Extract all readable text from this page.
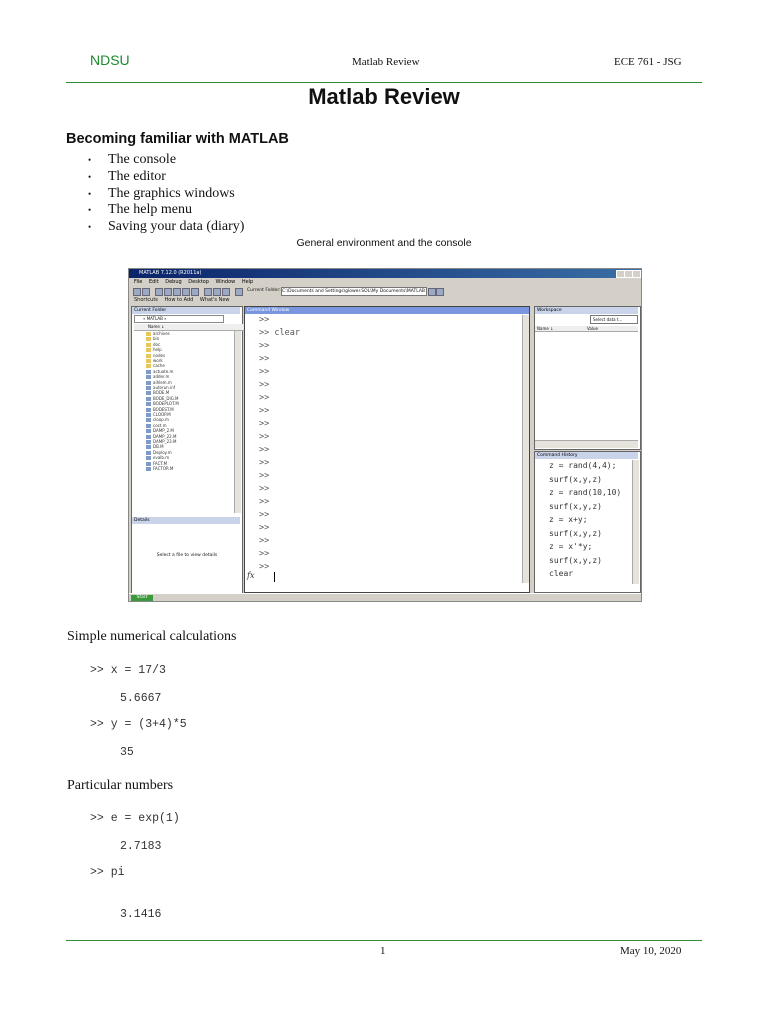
NDSU	Matlab Review	ECE 761 - JSG
Matlab Review
Becoming familiar with MATLAB
• The console
• The editor
• The graphics windows
• The help menu
• Saving your data (diary)
General environment and the console
MATLAB 7.12.0 (R2011a)
File Edit Debug Desktop Window Help
Current Folder: C:\Documents and Settings\glower.SOL\My Documents\MATLAB
Shortcuts How to Add What's New
Current Folder
« MATLAB »
Name ↓
archives
bin
doc
help
nodes
work
cache
actuate.m
adder.m
aihlem.m
autorun.inf
BODE.M
BODE_DIG.M
BODEPLOT.M
BODEST.M
CLOOP.M
cloop.m
cost.m
DAMP_2.M
DAMP_22.M
DAMP_23.M
DB.M
Deploy.m
evalb.m
FACT.M
FACTOR.M
Details
Select a file to view details
Command Window
>>
>> clear
>>
>>
>>
>>
>>
>>
>>
>>
>>
>>
>>
>>
>>
>>
>>
>>
>>
>>
fx
Workspace
Select data t...
Name ↓	Value
Command History
z = rand(4,4);
surf(x,y,z)
z = rand(10,10)
surf(x,y,z)
z = x+y;
surf(x,y,z)
z = x'*y;
surf(x,y,z)
clear
Start
Simple numerical calculations
>> x = 17/3
5.6667
>> y = (3+4)*5
35
Particular numbers
>> e = exp(1)
2.7183
>> pi
3.1416
1	May 10, 2020
